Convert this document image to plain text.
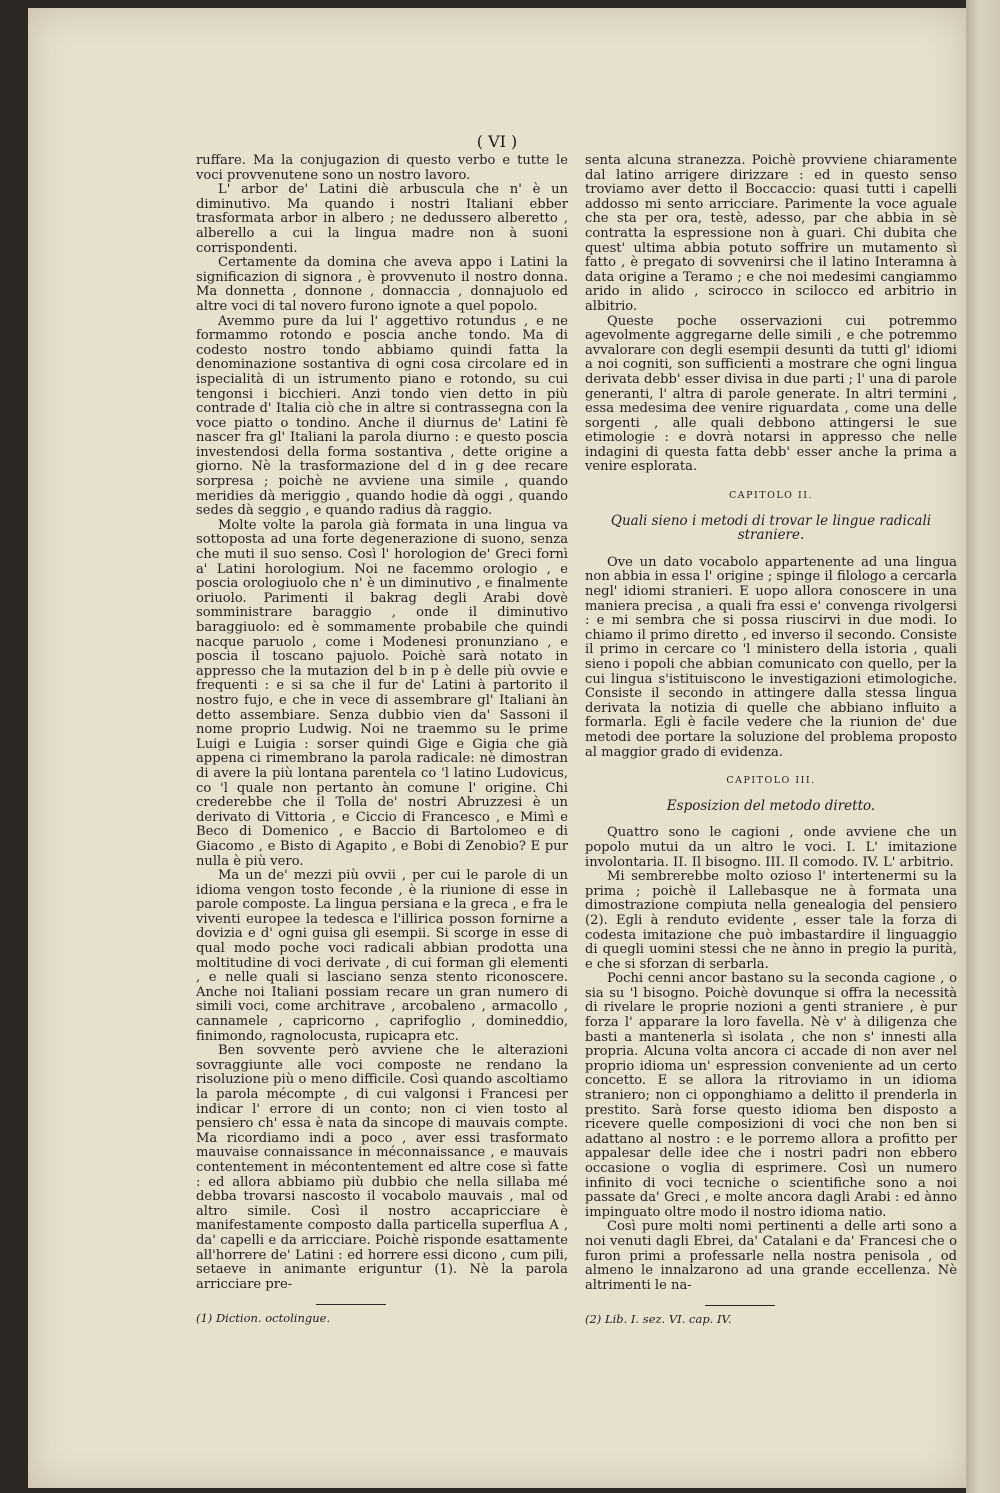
( VI )

ruffare. Ma la conjugazion di questo verbo e tutte le voci provvenutene sono un nostro lavoro.

L' arbor de' Latini diè arbuscula che n' è un diminutivo. Ma quando i nostri Italiani ebber trasformata arbor in albero ; ne dedussero alberetto , alberello a cui la lingua madre non à suoni corrispondenti.

Certamente da domina che aveva appo i Latini la significazion di signora , è provvenuto il nostro donna. Ma donnetta , donnone , donnaccia , donnajuolo ed altre voci di tal novero furono ignote a quel popolo.

Avemmo pure da lui l' aggettivo rotundus , e ne formammo rotondo e poscia anche tondo. Ma di codesto nostro tondo abbiamo quindi fatta la denominazione sostantiva di ogni cosa circolare ed in ispecialità di un istrumento piano e rotondo, su cui tengonsi i bicchieri. Anzi tondo vien detto in più contrade d' Italia ciò che in altre si contrassegna con la voce piatto o tondino. Anche il diurnus de' Latini fè nascer fra gl' Italiani la parola diurno : e questo poscia investendosi della forma sostantiva , dette origine a giorno. Nè la trasformazione del d in g dee recare sorpresa ; poichè ne avviene una simile , quando meridies dà meriggio , quando hodie dà oggi , quando sedes dà seggio , e quando radius dà raggio.

Molte volte la parola già formata in una lingua va sottoposta ad una forte degenerazione di suono, senza che muti il suo senso. Così l' horologion de' Greci fornì a' Latini horologium. Noi ne facemmo orologio , e poscia orologiuolo che n' è un diminutivo , e finalmente oriuolo. Parimenti il bakrag degli Arabi dovè somministrare baraggio , onde il diminutivo baraggiuolo: ed è sommamente probabile che quindi nacque paruolo , come i Modenesi pronunziano , e poscia il toscano pajuolo. Poichè sarà notato in appresso che la mutazion del b in p è delle più ovvie e frequenti : e si sa che il fur de' Latini à partorito il nostro fujo, e che in vece di assembrare gl' Italiani àn detto assembiare. Senza dubbio vien da' Sassoni il nome proprio Ludwig. Noi ne traemmo su le prime Luigi e Luigia : sorser quindi Gige e Gigia che già appena ci rimembrano la parola radicale: nè dimostran di avere la più lontana parentela co 'l latino Ludovicus, co 'l quale non pertanto àn comune l' origine. Chi crederebbe che il Tolla de' nostri Abruzzesi è un derivato di Vittoria , e Ciccio di Francesco , e Mimì e Beco di Domenico , e Baccio di Bartolomeo e di Giacomo , e Bisto di Agapito , e Bobi di Zenobio? E pur nulla è più vero.

Ma un de' mezzi più ovvii , per cui le parole di un idioma vengon tosto feconde , è la riunione di esse in parole composte. La lingua persiana e la greca , e fra le viventi europee la tedesca e l'illirica posson fornirne a dovizia e d' ogni guisa gli esempii. Si scorge in esse di qual modo poche voci radicali abbian prodotta una moltitudine di voci derivate , di cui forman gli elementi , e nelle quali si lasciano senza stento riconoscere. Anche noi Italiani possiam recare un gran numero di simili voci, come architrave , arcobaleno , armacollo , cannamele , capricorno , caprifoglio , domineddio, finimondo, ragnolocusta, rupicapra etc.

Ben sovvente però avviene che le alterazioni sovraggiunte alle voci composte ne rendano la risoluzione più o meno difficile. Così quando ascoltiamo la parola mécompte , di cui valgonsi i Francesi per indicar l' errore di un conto; non ci vien tosto al pensiero ch' essa è nata da sincope di mauvais compte. Ma ricordiamo indi a poco , aver essi trasformato mauvaise connaissance in méconnaissance , e mauvais contentement in mécontentement ed altre cose sì fatte : ed allora abbiamo più dubbio che nella sillaba mé debba trovarsi nascosto il vocabolo mauvais , mal od altro simile. Così il nostro accapricciare è manifestamente composto dalla particella superflua A , da' capelli e da arricciare. Poichè risponde esattamente all'horrere de' Latini : ed horrere essi dicono , cum pili, setaeve in animante eriguntur (1). Nè la parola arricciare pre-

(1) Diction. octolingue.

senta alcuna stranezza. Poichè provviene chiaramente dal latino arrigere dirizzare : ed in questo senso troviamo aver detto il Boccaccio: quasi tutti i capelli addosso mi sento arricciare. Parimente la voce aguale che sta per ora, testè, adesso, par che abbia in sè contratta la espressione non à guari. Chi dubita che quest' ultima abbia potuto soffrire un mutamento sì fatto , è pregato di sovvenirsi che il latino Interamna à data origine a Teramo ; e che noi medesimi cangiammo arido in alido , scirocco in scilocco ed arbitrio in albitrio.

Queste poche osservazioni cui potremmo agevolmente aggregarne delle simili , e che potremmo avvalorare con degli esempii desunti da tutti gl' idiomi a noi cogniti, son sufficienti a mostrare che ogni lingua derivata debb' esser divisa in due parti ; l' una di parole generanti, l' altra di parole generate. In altri termini , essa medesima dee venire riguardata , come una delle sorgenti , alle quali debbono attingersi le sue etimologie : e dovrà notarsi in appresso che nelle indagini di questa fatta debb' esser anche la prima a venire esplorata.

CAPITOLO II.
Quali sieno i metodi di trovar le lingue radicali straniere.

Ove un dato vocabolo appartenente ad una lingua non abbia in essa l' origine ; spinge il filologo a cercarla negl' idiomi stranieri. E uopo allora conoscere in una maniera precisa , a quali fra essi e' convenga rivolgersi : e mi sembra che si possa riuscirvi in due modi. Io chiamo il primo diretto , ed inverso il secondo. Consiste il primo in cercare co 'l ministero della istoria , quali sieno i popoli che abbian comunicato con quello, per la cui lingua s'istituiscono le investigazioni etimologiche. Consiste il secondo in attingere dalla stessa lingua derivata la notizia di quelle che abbiano influito a formarla. Egli è facile vedere che la riunion de' due metodi dee portare la soluzione del problema proposto al maggior grado di evidenza.

CAPITOLO III.
Esposizion del metodo diretto.

Quattro sono le cagioni , onde avviene che un popolo mutui da un altro le voci. I. L' imitazione involontaria. II. Il bisogno. III. Il comodo. IV. L' arbitrio.

Mi sembrerebbe molto ozioso l' intertenermi su la prima ; poichè il Lallebasque ne à formata una dimostrazione compiuta nella genealogia del pensiero (2). Egli à renduto evidente , esser tale la forza di codesta imitazione che può imbastardire il linguaggio di quegli uomini stessi che ne ànno in pregio la purità, e che si sforzan di serbarla.

Pochi cenni ancor bastano su la seconda cagione , o sia su 'l bisogno. Poichè dovunque si offra la necessità di rivelare le proprie nozioni a genti straniere , è pur forza l' apparare la loro favella. Nè v' à diligenza che basti a mantenerla sì isolata , che non s' innesti alla propria. Alcuna volta ancora ci accade di non aver nel proprio idioma un' espression conveniente ad un certo concetto. E se allora la ritroviamo in un idioma straniero; non ci opponghiamo a delitto il prenderla in prestito. Sarà forse questo idioma ben disposto a ricevere quelle composizioni di voci che non ben si adattano al nostro : e le porremo allora a profitto per appalesar delle idee che i nostri padri non ebbero occasione o voglia di esprimere. Così un numero infinito di voci tecniche o scientifiche sono a noi passate da' Greci , e molte ancora dagli Arabi : ed ànno impinguato oltre modo il nostro idioma natio.

Così pure molti nomi pertinenti a delle arti sono a noi venuti dagli Ebrei, da' Catalani e da' Francesi che o furon primi a professarle nella nostra penisola , od almeno le innalzarono ad una grande eccellenza. Nè altrimenti le na-

(2) Lib. I. sez. VI. cap. IV.
